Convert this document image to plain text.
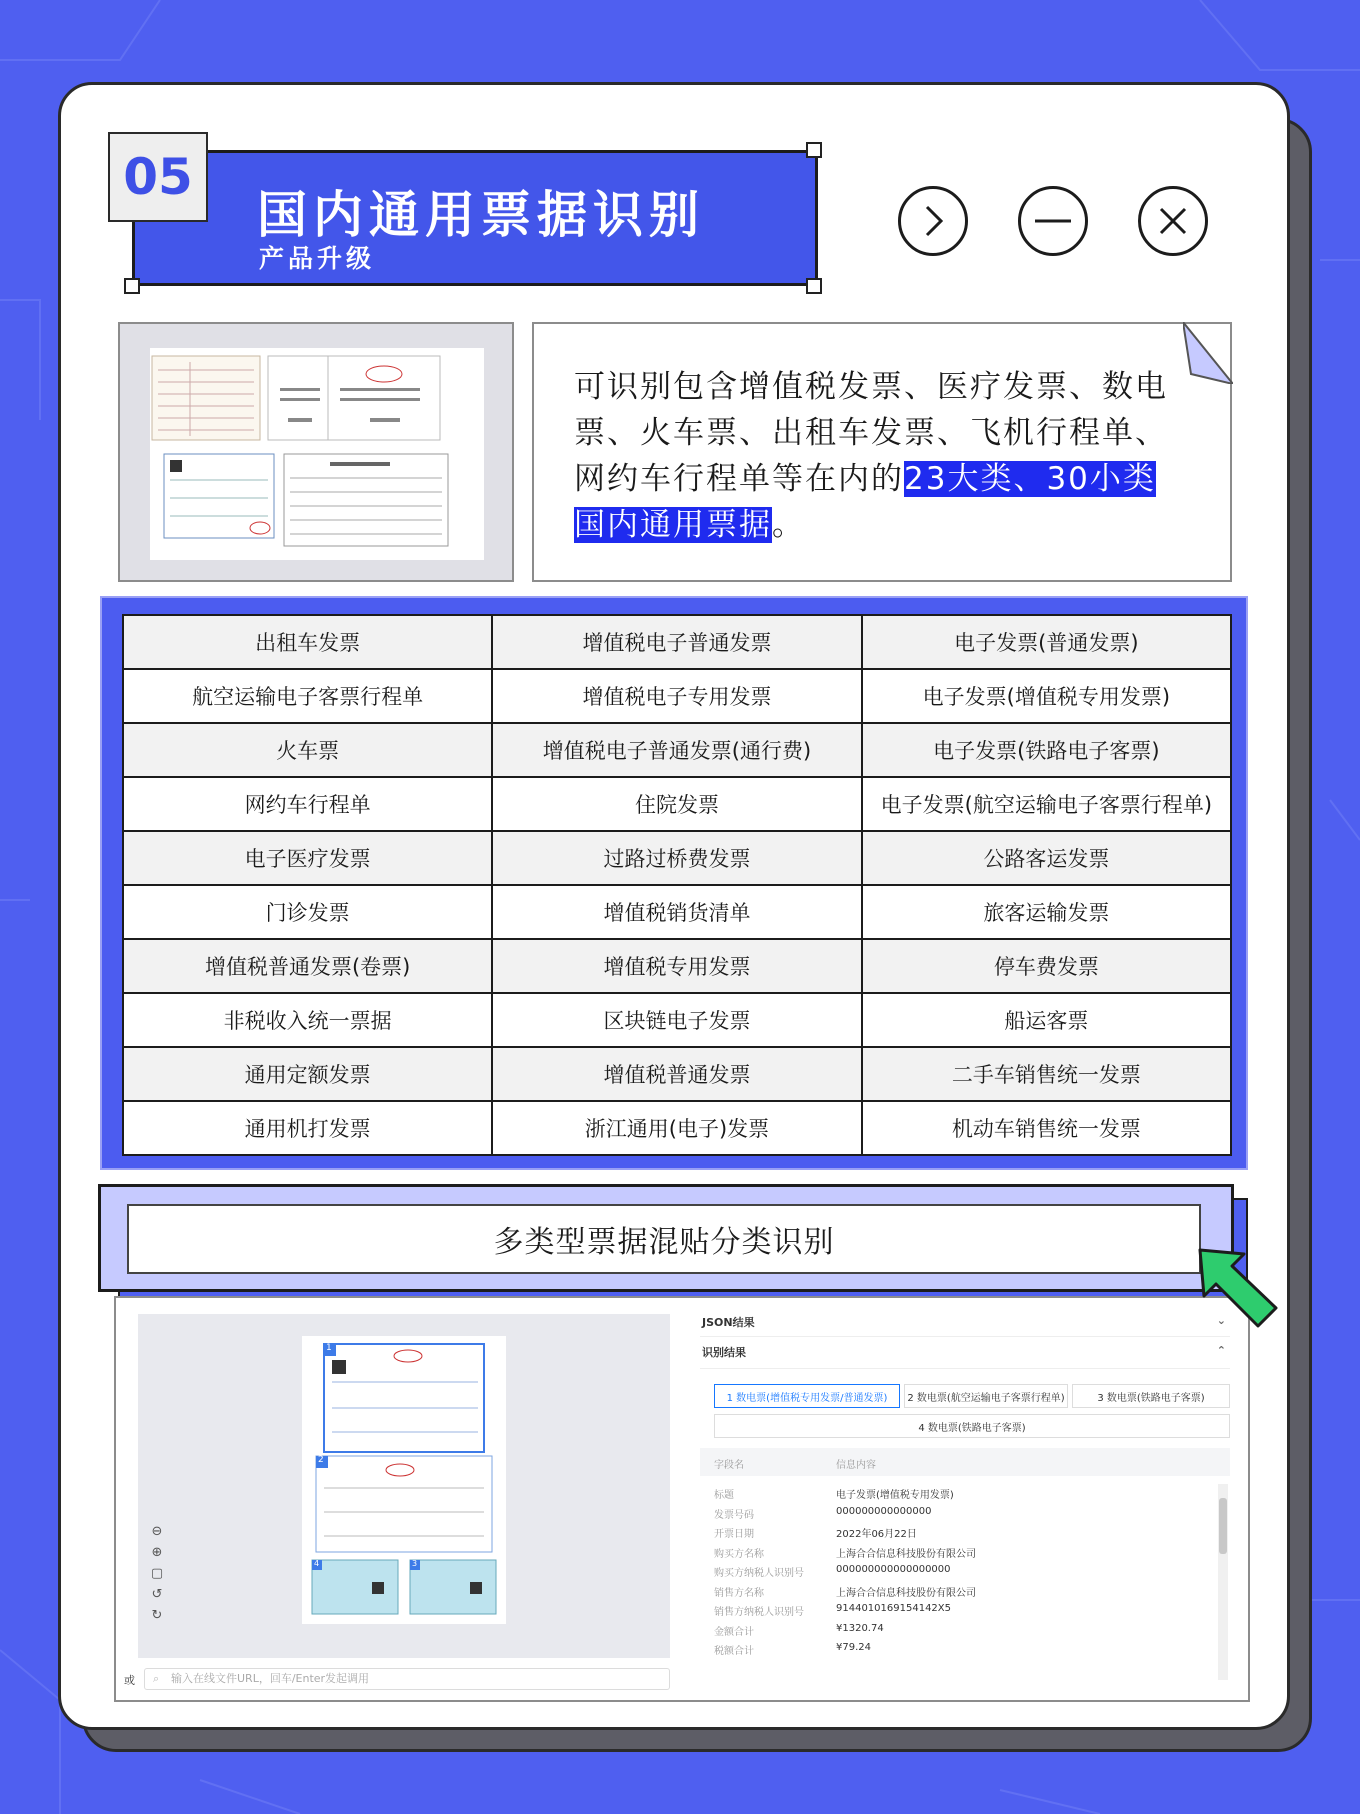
05
国内通用票据识别
产品升级
可识别包含增值税发票、医疗发票、数电票、火车票、出租车发票、飞机行程单、网约车行程单等在内的23大类、30小类国内通用票据。
出租车发票	增值税电子普通发票	电子发票(普通发票)
航空运输电子客票行程单	增值税电子专用发票	电子发票(增值税专用发票)
火车票	增值税电子普通发票(通行费)	电子发票(铁路电子客票)
网约车行程单	住院发票	电子发票(航空运输电子客票行程单)
电子医疗发票	过路过桥费发票	公路客运发票
门诊发票	增值税销货清单	旅客运输发票
增值税普通发票(卷票)	增值税专用发票	停车费发票
非税收入统一票据	区块链电子发票	船运客票
通用定额发票	增值税普通发票	二手车销售统一发票
通用机打发票	浙江通用(电子)发票	机动车销售统一发票
多类型票据混贴分类识别
1
2
3
4
⊖
⊕
▢
↺
↻
或 ⌕ 输入在线文件URL，回车/Enter发起调用
JSON结果	⌄
识别结果	⌃
1 数电票(增值税专用发票/普通发票)	2 数电票(航空运输电子客票行程单)	3 数电票(铁路电子客票)
4 数电票(铁路电子客票)
字段名	信息内容
标题	电子发票(增值税专用发票)
发票号码	000000000000000
开票日期	2022年06月22日
购买方名称	上海合合信息科技股份有限公司
购买方纳税人识别号	000000000000000000
销售方名称	上海合合信息科技股份有限公司
销售方纳税人识别号	9144010169154142X5
金额合计	¥1320.74
税额合计	¥79.24
